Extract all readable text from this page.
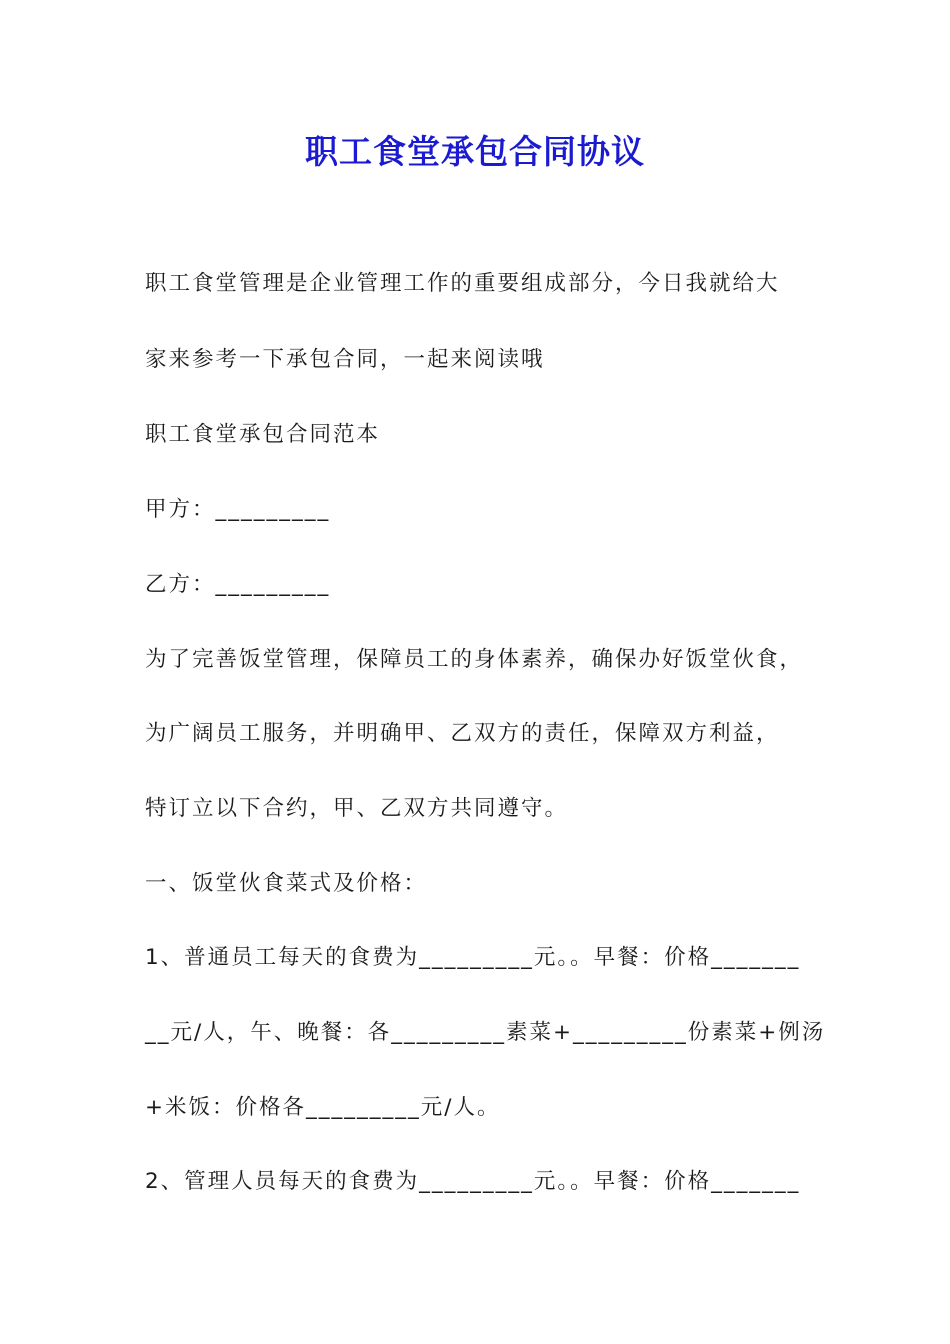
职工食堂承包合同协议
职工食堂管理是企业管理工作的重要组成部分，今日我就给大
家来参考一下承包合同，一起来阅读哦
职工食堂承包合同范本
甲方：_________
乙方：_________
为了完善饭堂管理，保障员工的身体素养，确保办好饭堂伙食，
为广阔员工服务，并明确甲、乙双方的责任，保障双方利益，
特订立以下合约，甲、乙双方共同遵守。
一、饭堂伙食菜式及价格：
1、普通员工每天的食费为_________元。。早餐：价格_______
__元/人，午、晚餐：各_________素菜+_________份素菜+例汤
+米饭：价格各_________元/人。
2、管理人员每天的食费为_________元。。早餐：价格_______
